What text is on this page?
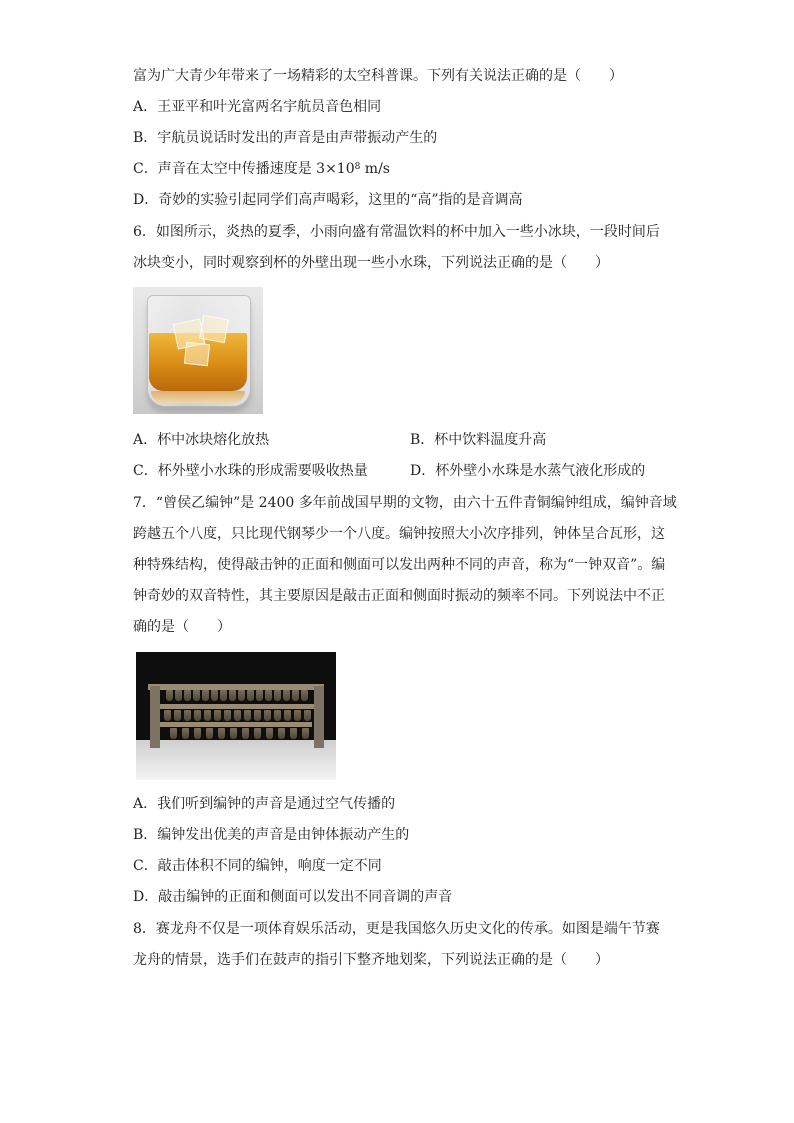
富为广大青少年带来了一场精彩的太空科普课。下列有关说法正确的是（　　）
A．王亚平和叶光富两名宇航员音色相同
B．宇航员说话时发出的声音是由声带振动产生的
C．声音在太空中传播速度是 $3\times 10^8$ m/s
D．奇妙的实验引起同学们高声喝彩，这里的“高”指的是音调高
6．如图所示，炎热的夏季，小雨向盛有常温饮料的杯中加入一些小冰块，一段时间后
冰块变小，同时观察到杯的外壁出现一些小水珠，下列说法正确的是（　　）
A．杯中冰块熔化放热	B．杯中饮料温度升高
C．杯外壁小水珠的形成需要吸收热量	D．杯外壁小水珠是水蒸气液化形成的
7．“曾侯乙编钟”是 2400 多年前战国早期的文物，由六十五件青铜编钟组成，编钟音域
跨越五个八度，只比现代钢琴少一个八度。编钟按照大小次序排列，钟体呈合瓦形，这
种特殊结构，使得敲击钟的正面和侧面可以发出两种不同的声音，称为“一钟双音”。编
钟奇妙的双音特性，其主要原因是敲击正面和侧面时振动的频率不同。下列说法中不正
确的是（　　）
A．我们听到编钟的声音是通过空气传播的
B．编钟发出优美的声音是由钟体振动产生的
C．敲击体积不同的编钟，响度一定不同
D．敲击编钟的正面和侧面可以发出不同音调的声音
8．赛龙舟不仅是一项体育娱乐活动，更是我国悠久历史文化的传承。如图是端午节赛
龙舟的情景，选手们在鼓声的指引下整齐地划桨，下列说法正确的是（　　）
